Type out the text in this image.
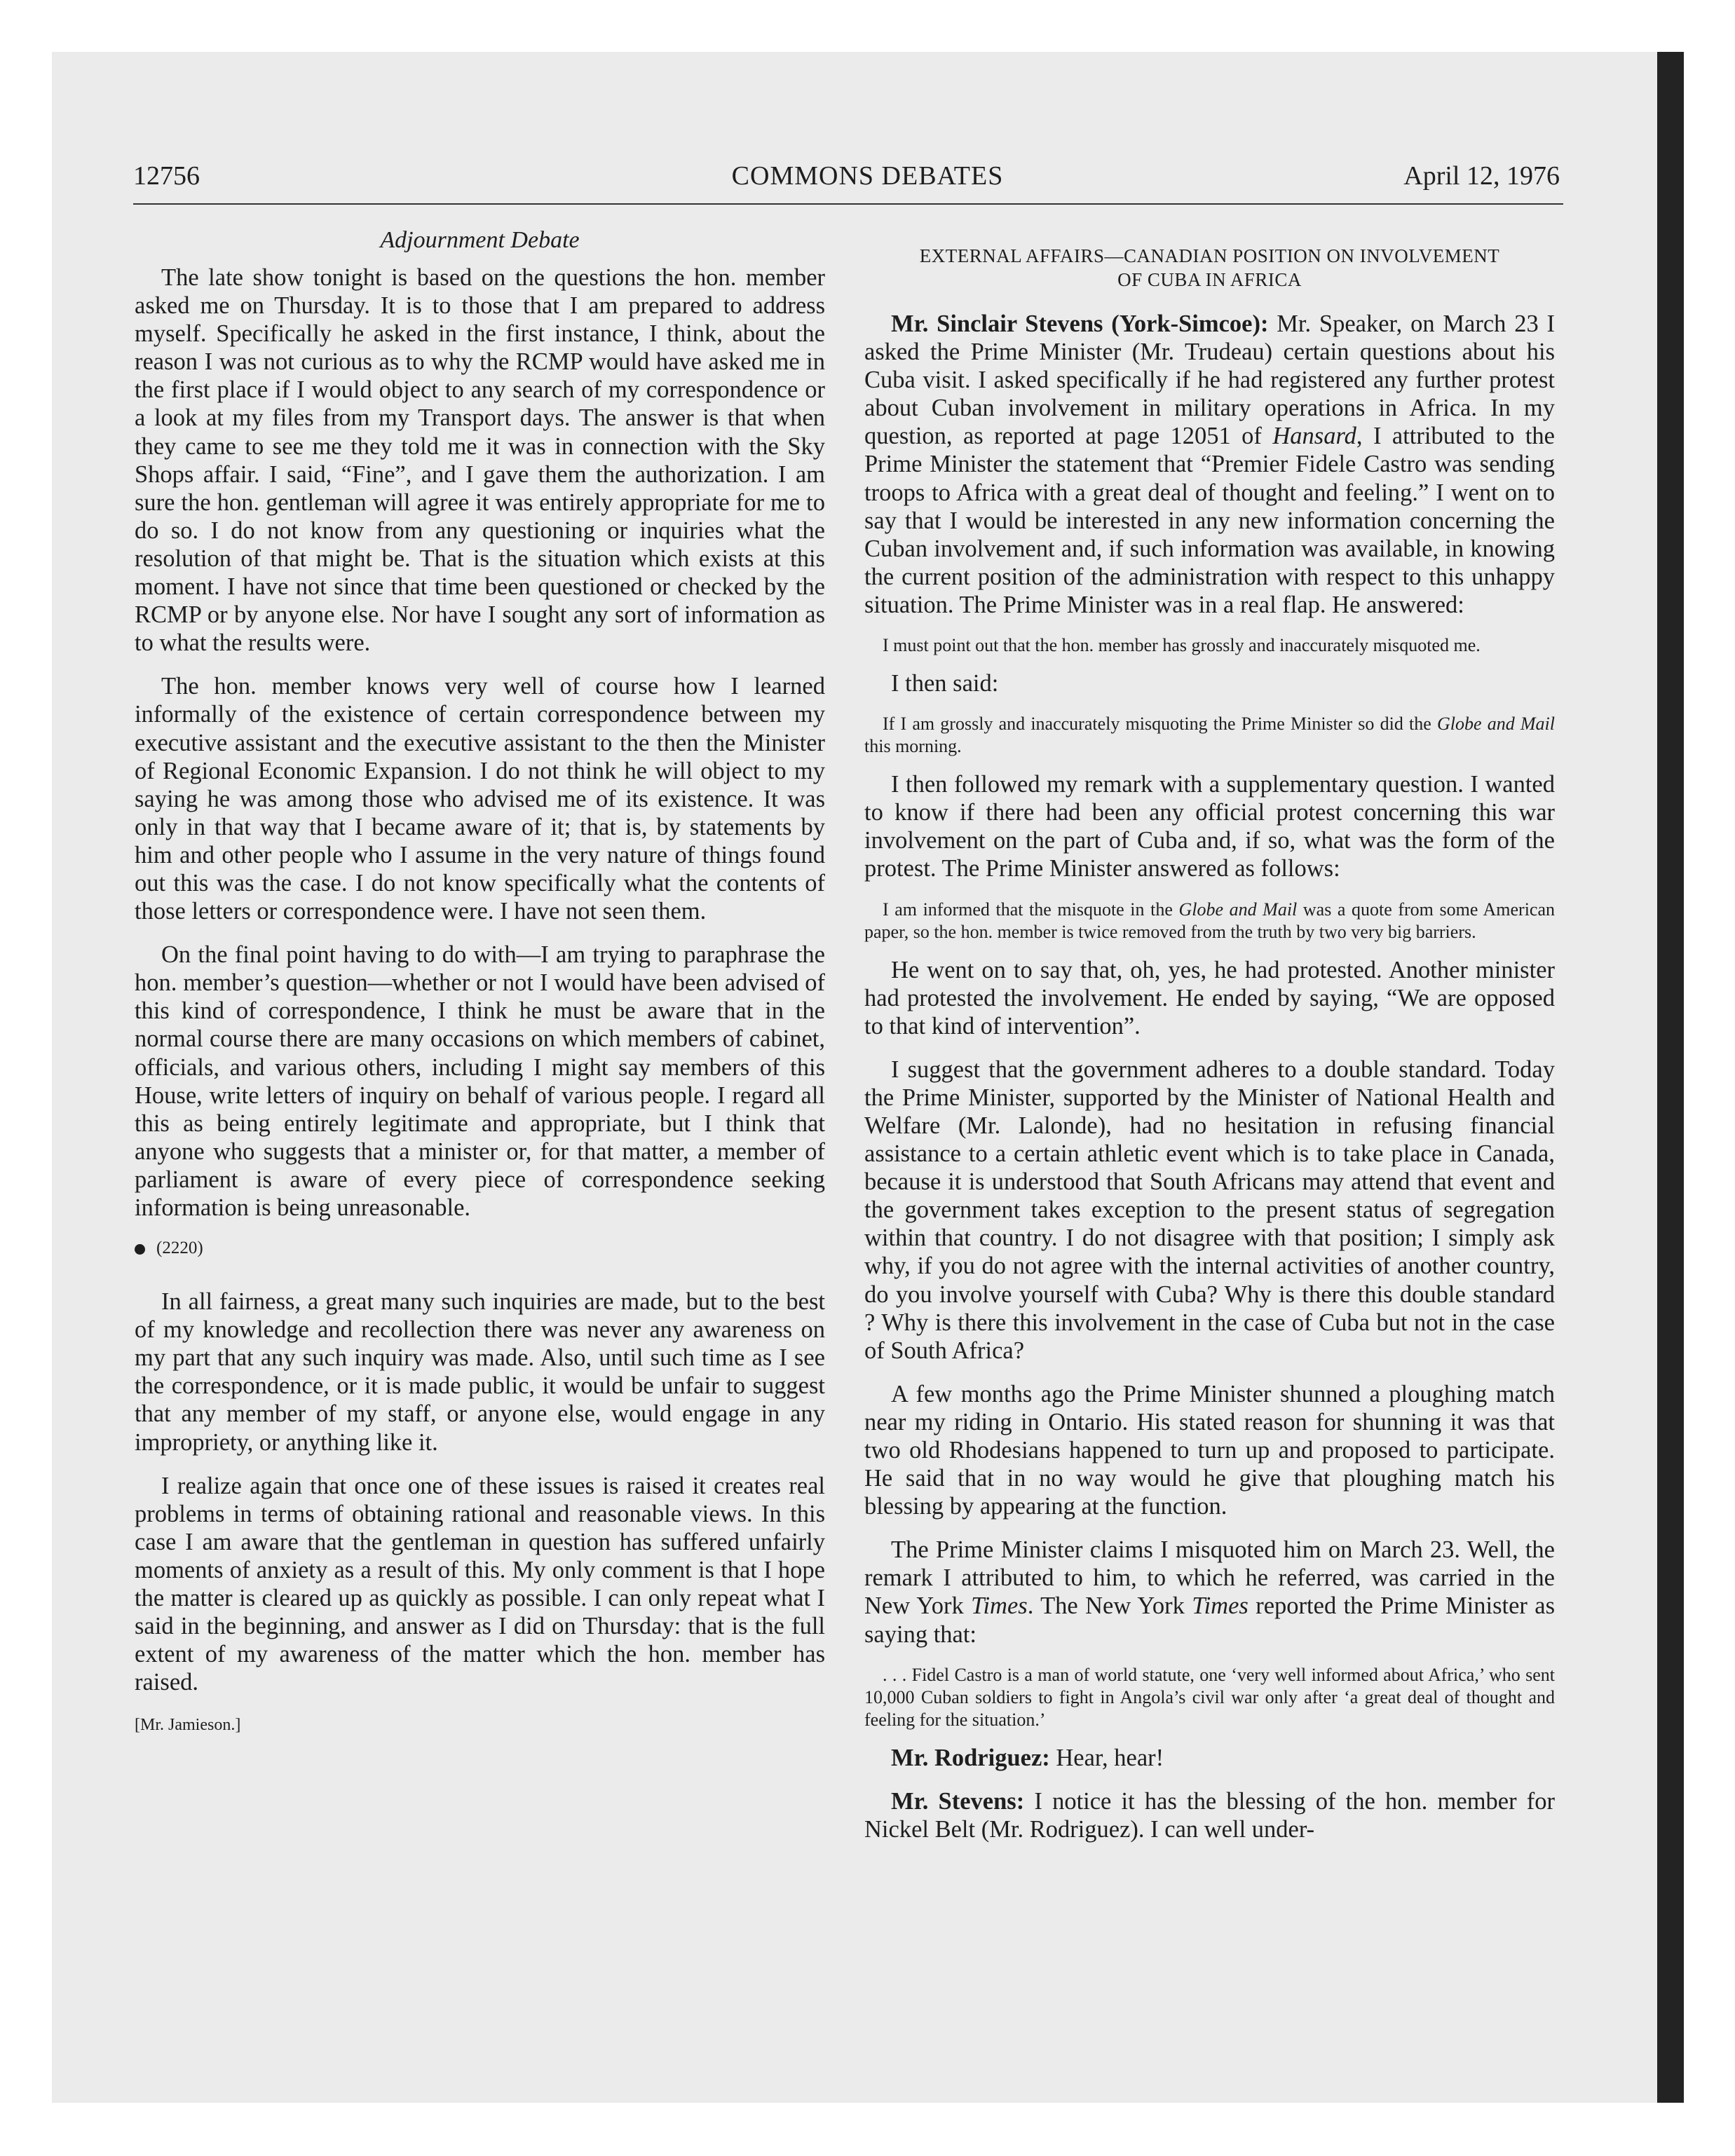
12756	COMMONS DEBATES	April 12, 1976
Adjournment Debate

The late show tonight is based on the questions the hon. member asked me on Thursday. It is to those that I am prepared to address myself. Specifically he asked in the first instance, I think, about the reason I was not curious as to why the RCMP would have asked me in the first place if I would object to any search of my correspondence or a look at my files from my Transport days. The answer is that when they came to see me they told me it was in connection with the Sky Shops affair. I said, “Fine”, and I gave them the authorization. I am sure the hon. gentleman will agree it was entirely appropriate for me to do so. I do not know from any questioning or inquiries what the resolution of that might be. That is the situation which exists at this moment. I have not since that time been questioned or checked by the RCMP or by anyone else. Nor have I sought any sort of information as to what the results were.

The hon. member knows very well of course how I learned informally of the existence of certain correspondence between my executive assistant and the executive assistant to the then the Minister of Regional Economic Expansion. I do not think he will object to my saying he was among those who advised me of its existence. It was only in that way that I became aware of it; that is, by statements by him and other people who I assume in the very nature of things found out this was the case. I do not know specifically what the contents of those letters or correspondence were. I have not seen them.

On the final point having to do with—I am trying to paraphrase the hon. member’s question—whether or not I would have been advised of this kind of correspondence, I think he must be aware that in the normal course there are many occasions on which members of cabinet, officials, and various others, including I might say members of this House, write letters of inquiry on behalf of various people. I regard all this as being entirely legitimate and appropriate, but I think that anyone who suggests that a minister or, for that matter, a member of parliament is aware of every piece of correspondence seeking information is being unreasonable.

(2220)

In all fairness, a great many such inquiries are made, but to the best of my knowledge and recollection there was never any awareness on my part that any such inquiry was made. Also, until such time as I see the correspondence, or it is made public, it would be unfair to suggest that any member of my staff, or anyone else, would engage in any impropriety, or anything like it.

I realize again that once one of these issues is raised it creates real problems in terms of obtaining rational and reasonable views. In this case I am aware that the gentleman in question has suffered unfairly moments of anxiety as a result of this. My only comment is that I hope the matter is cleared up as quickly as possible. I can only repeat what I said in the beginning, and answer as I did on Thursday: that is the full extent of my awareness of the matter which the hon. member has raised.

[Mr. Jamieson.]
EXTERNAL AFFAIRS—CANADIAN POSITION ON INVOLVEMENT
OF CUBA IN AFRICA

Mr. Sinclair Stevens (York-Simcoe): Mr. Speaker, on March 23 I asked the Prime Minister (Mr. Trudeau) certain questions about his Cuba visit. I asked specifically if he had registered any further protest about Cuban involvement in military operations in Africa. In my question, as reported at page 12051 of Hansard, I attributed to the Prime Minister the statement that “Premier Fidele Castro was sending troops to Africa with a great deal of thought and feeling.” I went on to say that I would be interested in any new information concerning the Cuban involvement and, if such information was available, in knowing the current position of the administration with respect to this unhappy situation. The Prime Minister was in a real flap. He answered:

I must point out that the hon. member has grossly and inaccurately misquoted me.

I then said:

If I am grossly and inaccurately misquoting the Prime Minister so did the Globe and Mail this morning.

I then followed my remark with a supplementary question. I wanted to know if there had been any official protest concerning this war involvement on the part of Cuba and, if so, what was the form of the protest. The Prime Minister answered as follows:

I am informed that the misquote in the Globe and Mail was a quote from some American paper, so the hon. member is twice removed from the truth by two very big barriers.

He went on to say that, oh, yes, he had protested. Another minister had protested the involvement. He ended by saying, “We are opposed to that kind of intervention”.

I suggest that the government adheres to a double standard. Today the Prime Minister, supported by the Minister of National Health and Welfare (Mr. Lalonde), had no hesitation in refusing financial assistance to a certain athletic event which is to take place in Canada, because it is understood that South Africans may attend that event and the government takes exception to the present status of segregation within that country. I do not disagree with that position; I simply ask why, if you do not agree with the internal activities of another country, do you involve yourself with Cuba? Why is there this double standard ? Why is there this involvement in the case of Cuba but not in the case of South Africa?

A few months ago the Prime Minister shunned a ploughing match near my riding in Ontario. His stated reason for shunning it was that two old Rhodesians happened to turn up and proposed to participate. He said that in no way would he give that ploughing match his blessing by appearing at the function.

The Prime Minister claims I misquoted him on March 23. Well, the remark I attributed to him, to which he referred, was carried in the New York Times. The New York Times reported the Prime Minister as saying that:

. . . Fidel Castro is a man of world statute, one ‘very well informed about Africa,’ who sent 10,000 Cuban soldiers to fight in Angola’s civil war only after ‘a great deal of thought and feeling for the situation.’

Mr. Rodriguez: Hear, hear!

Mr. Stevens: I notice it has the blessing of the hon. member for Nickel Belt (Mr. Rodriguez). I can well under-
